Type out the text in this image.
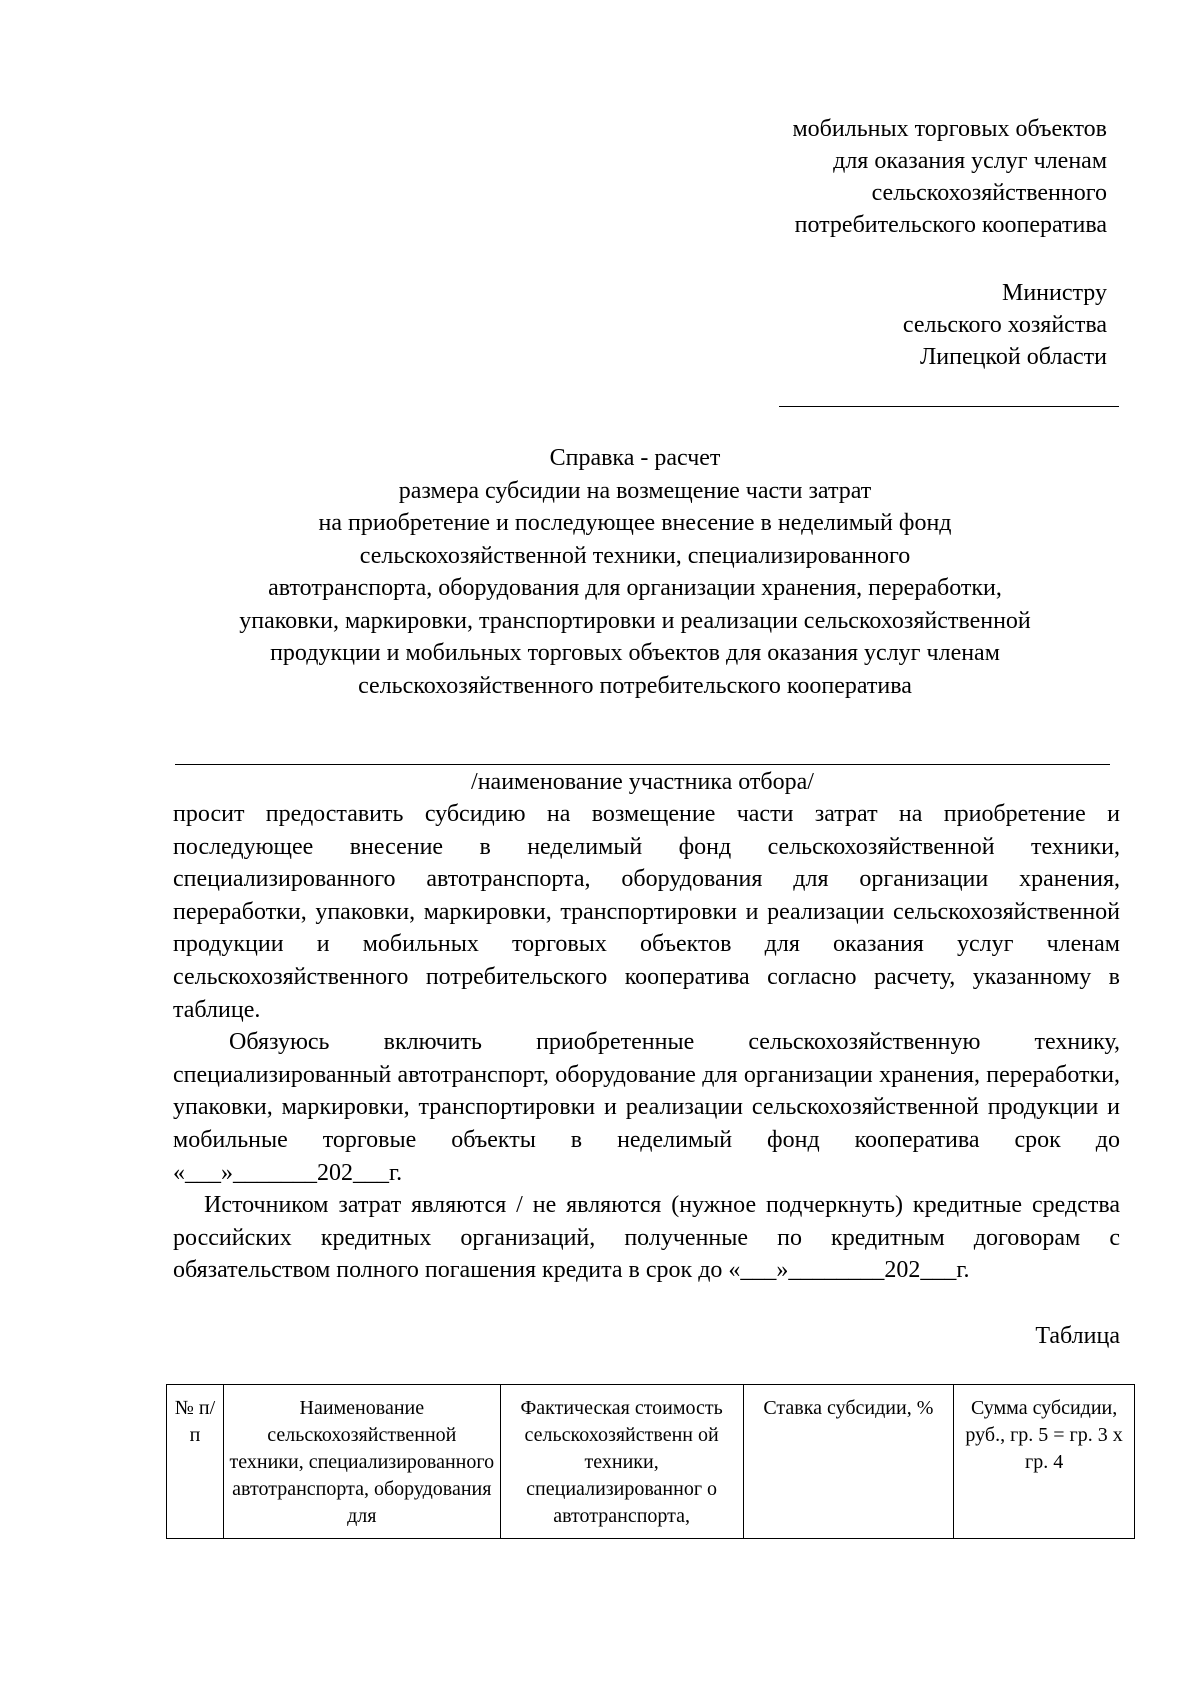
мобильных торговых объектов
для оказания услуг членам
сельскохозяйственного
потребительского кооператива
Министру
сельского хозяйства
Липецкой области
Справка - расчет
размера субсидии на возмещение части затрат
на приобретение и последующее внесение в неделимый фонд
сельскохозяйственной техники, специализированного
автотранспорта, оборудования для организации хранения, переработки,
упаковки, маркировки, транспортировки и реализации сельскохозяйственной
продукции и мобильных торговых объектов для оказания услуг членам
сельскохозяйственного потребительского кооператива
/наименование участника отбора/

просит предоставить субсидию на возмещение части затрат на приобретение и последующее внесение в неделимый фонд сельскохозяйственной техники, специализированного автотранспорта, оборудования для организации хранения, переработки, упаковки, маркировки, транспортировки и реализации сельскохозяйственной продукции и мобильных торговых объектов для оказания услуг членам сельскохозяйственного потребительского кооператива согласно расчету, указанному в таблице.

Обязуюсь включить приобретенные сельскохозяйственную технику, специализированный автотранспорт, оборудование для организации хранения, переработки, упаковки, маркировки, транспортировки и реализации сельскохозяйственной продукции и мобильные торговые объекты в неделимый фонд кооператива срок до «___»_______202___г.

Источником затрат являются / не являются (нужное подчеркнуть) кредитные средства российских кредитных организаций, полученные по кредитным договорам с обязательством полного погашения кредита в срок до «___»________202___г.

Таблица
№ п/п	Наименование сельскохозяйственной техники, специализированного автотранспорта, оборудования для	Фактическая стоимость сельскохозяйственн ой техники, специализированног о автотранспорта,	Ставка субсидии, %	Сумма субсидии, руб., гр. 5 = гр. 3 х гр. 4
